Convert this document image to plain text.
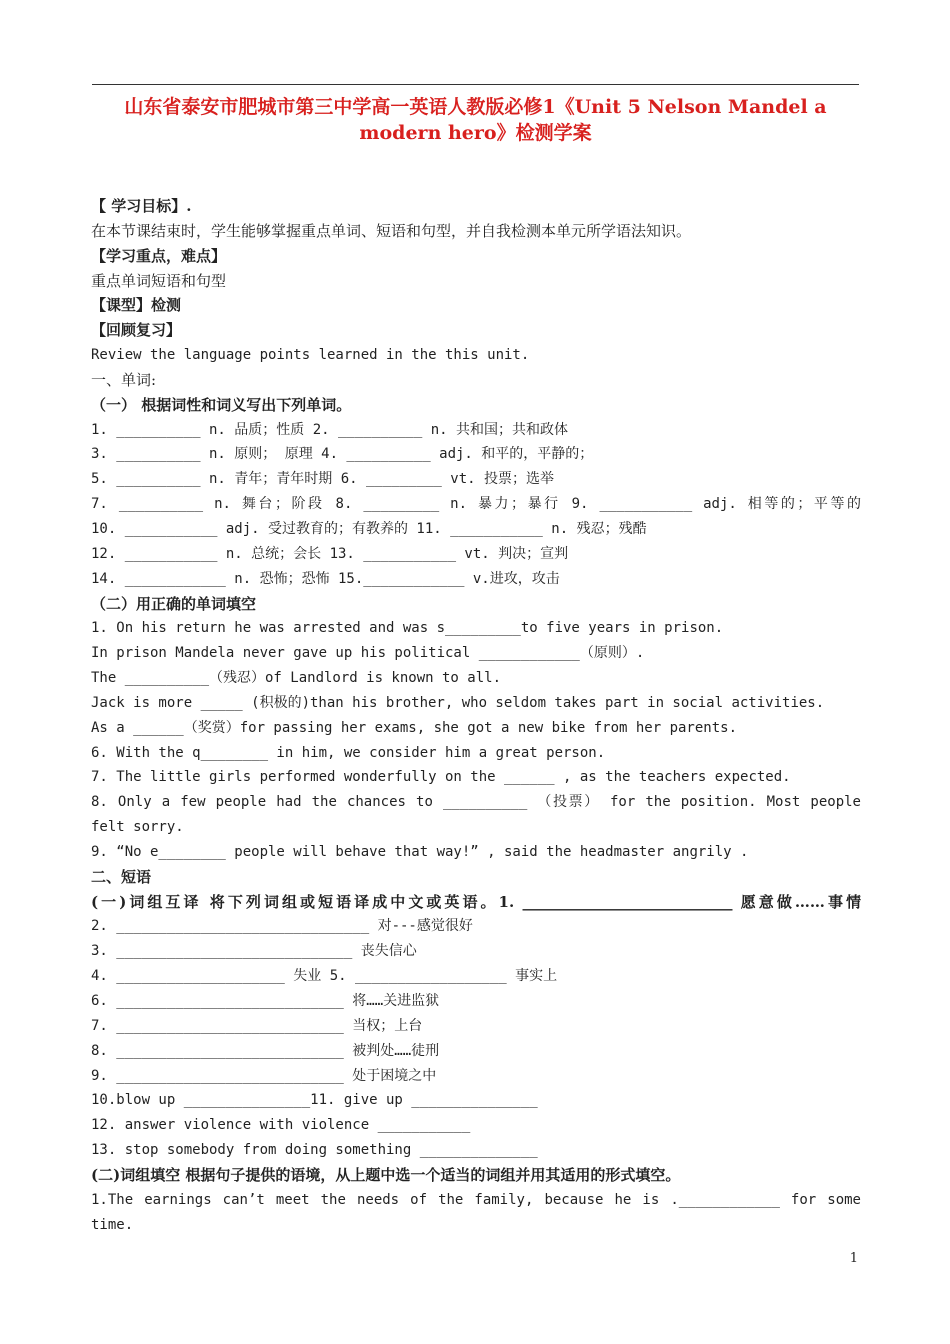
山东省泰安市肥城市第三中学高一英语人教版必修1《Unit 5 Nelson Mandel a
modern hero》检测学案
【 学习目标】.
在本节课结束时，学生能够掌握重点单词、短语和句型，并自我检测本单元所学语法知识。
【学习重点，难点】
重点单词短语和句型
【课型】检测
【回顾复习】
Review the language points learned in the this unit.
一、单词:
（一） 根据词性和词义写出下列单词。
1. __________ n. 品质；性质 2. __________ n. 共和国；共和政体
3. __________ n. 原则； 原理 4. __________ adj. 和平的，平静的；
5. __________ n. 青年；青年时期 6. _________ vt. 投票；选举
7. __________ n. 舞台；阶段 8. _________ n. 暴力；暴行 9. ___________ adj. 相等的；平等的
10. ___________ adj. 受过教育的；有教养的 11. ___________ n. 残忍；残酷
12. ___________ n. 总统；会长 13. ___________ vt. 判决；宣判
14. ____________ n. 恐怖；恐怖 15.____________ v.进攻，攻击
（二）用正确的单词填空
1. On his return he was arrested and was s_________to five years in prison.
In prison Mandela never gave up his political ____________（原则）.
The __________（残忍）of Landlord is known to all.
Jack is more _____ (积极的)than his brother, who seldom takes part in social activities.
As a ______（奖赏）for passing her exams, she got a new bike from her parents.
6. With the q________ in him, we consider him a great person.
7. The little girls performed wonderfully on the ______ , as the teachers expected.
8. Only a few people had the chances to __________ （投票） for the position. Most people
felt sorry.
9. “No e________ people will behave that way!” , said the headmaster angrily .
二、短语
(一)词组互译 将下列词组或短语译成中文或英语。1. ____________________________ 愿意做……事情
2. ______________________________ 对---感觉很好
3. ____________________________ 丧失信心
4. ____________________ 失业 5. __________________ 事实上
6. ___________________________ 将……关进监狱
7. ___________________________ 当权；上台
8. ___________________________ 被判处……徒刑
9. ___________________________ 处于困境之中
10.blow up _______________11. give up _______________
12. answer violence with violence ___________
13. stop somebody from doing something ______________
(二)词组填空 根据句子提供的语境，从上题中选一个适当的词组并用其适用的形式填空。
1.The earnings can’t meet the needs of the family, because he is .____________ for some
time.
1
